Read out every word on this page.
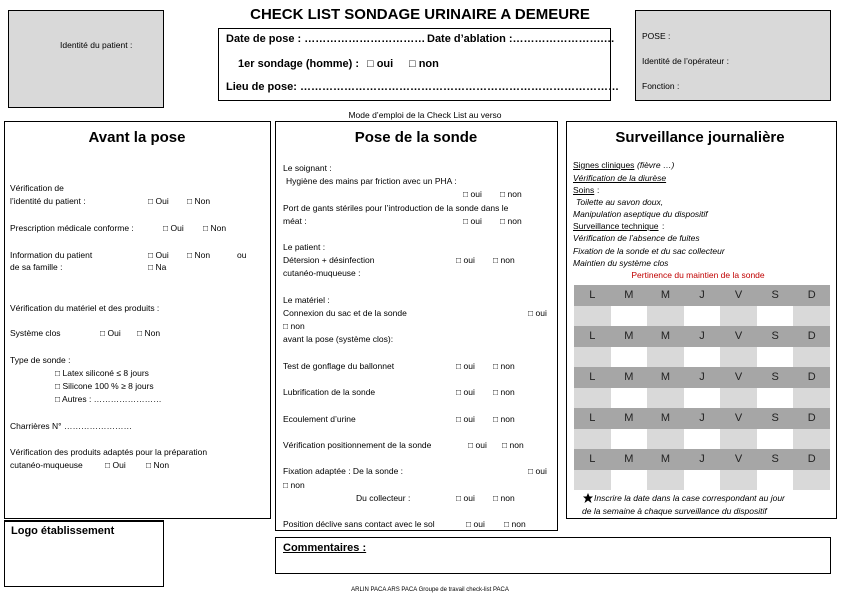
L	M	M	J	V	S	D
L	M	M	J	V	S	D
L	M	M	J	V	S	D
L	M	M	J	V	S	D
L	M	M	J	V	S	D
CHECK LIST SONDAGE URINAIRE A DEMEURE
Identité du patient :	Date de pose : …………………………… Date d’ablation :…………………….…
1er sondage (homme) : □ oui □ non
Lieu de pose: ……………………………………………………………………………
POSE :
Identité de l’opérateur :
Fonction :
Mode d’emploi de la Check List au verso
Avant la pose
Vérification de
l’identité du patient :	□ Oui □ Non
Prescription médicale conforme :	□ Oui □ Non
Information du patient	□ Oui □ Non	ou
de sa famille :	□ Na
Vérification du matériel et des produits :
Système clos	□ Oui □ Non
Type de sonde :
□ Latex siliconé ≤ 8 jours
□ Silicone 100 % ≥ 8 jours
□ Autres : ……………………
Charrières N° ……………………
Vérification des produits adaptés pour la préparation
cutanéo-muqueuse	□ Oui □ Non
Pose de la sonde
Le soignant :
Hygiène des mains par friction avec un PHA :
□ oui □ non
Port de gants stériles pour l’introduction de la sonde dans le
méat :	□ oui □ non
Le patient :
Détersion + désinfection	□ oui □ non
cutanéo-muqueuse :
Le matériel :
Connexion du sac et de la sonde	□ oui
□ non
avant la pose (système clos):
Test de gonflage du ballonnet	□ oui □ non
Lubrification de la sonde	□ oui □ non
Ecoulement d’urine	□ oui □ non
Vérification positionnement de la sonde	□ oui □ non
Fixation adaptée : De la sonde :	□ oui
□ non
Du collecteur :	□ oui □ non
Position déclive sans contact avec le sol	□ oui □ non
Surveillance journalière
Signes cliniques (fièvre …)
Vérification de la diurèse
Soins :
Toilette au savon doux,
Manipulation aseptique du dispositif
Surveillance technique :
Vérification de l’absence de fuites
Fixation de la sonde et du sac collecteur
Maintien du système clos
Pertinence du maintien de la sonde
Inscrire la date dans la case correspondant au jour
de la semaine à chaque surveillance du dispositif
Logo établissement
Commentaires :
ARLIN PACA ARS PACA Groupe de travail check-list PACA
